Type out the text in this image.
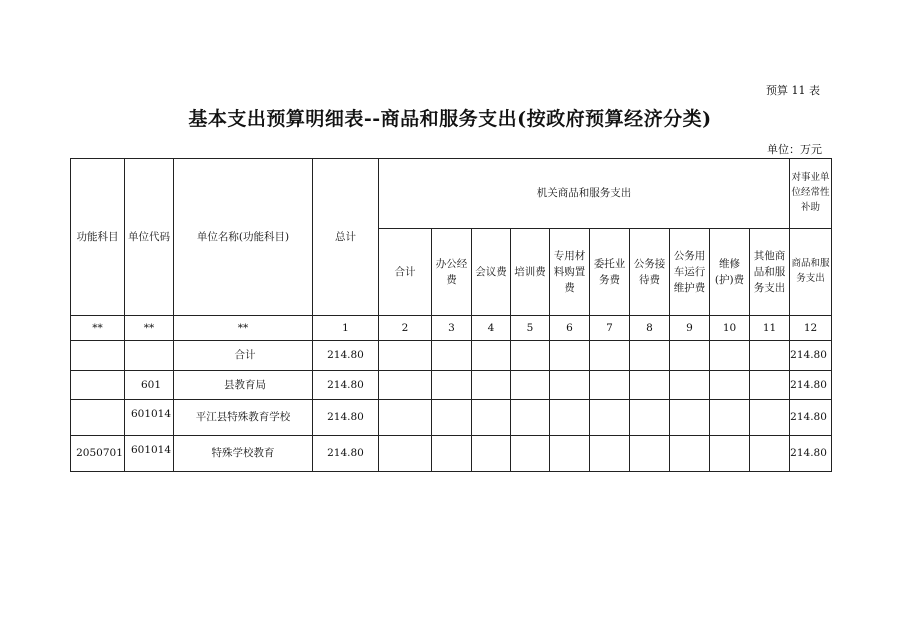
预算 11 表
基本支出预算明细表--商品和服务支出(按政府预算经济分类)
单位：万元
功能科目	单位代码	单位名称(功能科目)	总计	机关商品和服务支出										对事业单位经常性补助
				合计	办公经费	会议费	培训费	专用材料购置费	委托业务费	公务接待费	公务用车运行维护费	维修(护)费	其他商品和服务支出	商品和服务支出
**	**	**	1	2	3	4	5	6	7	8	9	10	11	12
		合计	214.80											214.80
	601	县教育局	214.80											214.80
	601014	平江县特殊教育学校	214.80											214.80
2050701	601014	特殊学校教育	214.80											214.80
